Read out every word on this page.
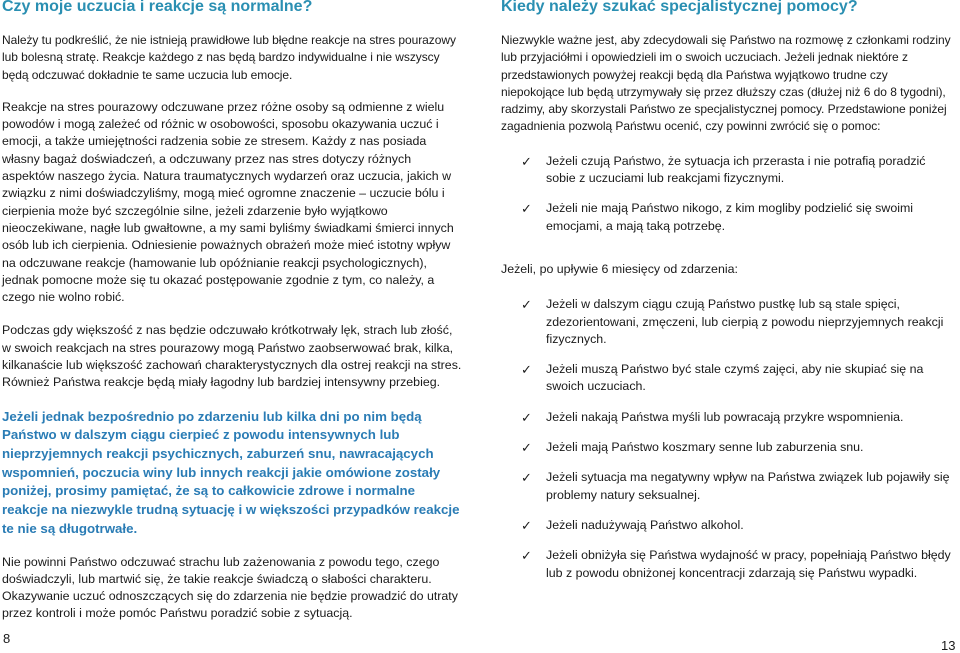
Czy moje uczucia i reakcje są normalne?

Należy tu podkreślić, że nie istnieją prawidłowe lub błędne reakcje na stres pourazowy lub bolesną stratę. Reakcje każdego z nas będą bardzo indywidualne i nie wszyscy będą odczuwać dokładnie te same uczucia lub emocje.

Reakcje na stres pourazowy odczuwane przez różne osoby są odmienne z wielu powodów i mogą zależeć od różnic w osobowości, sposobu okazywania uczuć i emocji, a także umiejętności radzenia sobie ze stresem. Każdy z nas posiada własny bagaż doświadczeń, a odczuwany przez nas stres dotyczy różnych aspektów naszego życia. Natura traumatycznych wydarzeń oraz uczucia, jakich w związku z nimi doświadczyliśmy, mogą mieć ogromne znaczenie – uczucie bólu i cierpienia może być szczególnie silne, jeżeli zdarzenie było wyjątkowo nieoczekiwane, nagłe lub gwałtowne, a my sami byliśmy świadkami śmierci innych osób lub ich cierpienia. Odniesienie poważnych obrażeń może mieć istotny wpływ na odczuwane reakcje (hamowanie lub opóźnianie reakcji psychologicznych), jednak pomocne może się tu okazać postępowanie zgodnie z tym, co należy, a czego nie wolno robić.

Podczas gdy większość z nas będzie odczuwało krótkotrwały lęk, strach lub złość, w swoich reakcjach na stres pourazowy mogą Państwo zaobserwować brak, kilka, kilkanaście lub większość zachowań charakterystycznych dla ostrej reakcji na stres. Również Państwa reakcje będą miały łagodny lub bardziej intensywny przebieg.

Jeżeli jednak bezpośrednio po zdarzeniu lub kilka dni po nim będą Państwo w dalszym ciągu cierpieć z powodu intensywnych lub nieprzyjemnych reakcji psychicznych, zaburzeń snu, nawracających wspomnień, poczucia winy lub innych reakcji jakie omówione zostały poniżej, prosimy pamiętać, że są to całkowicie zdrowe i normalne reakcje na niezwykle trudną sytuację i w większości przypadków reakcje te nie są długotrwałe.

Nie powinni Państwo odczuwać strachu lub zażenowania z powodu tego, czego doświadczyli, lub martwić się, że takie reakcje świadczą o słabości charakteru. Okazywanie uczuć odnoszczących się do zdarzenia nie będzie prowadzić do utraty przez kontroli i może pomóc Państwu poradzić sobie z sytuacją.

8
Kiedy należy szukać specjalistycznej pomocy?

Niezwykle ważne jest, aby zdecydowali się Państwo na rozmowę z członkami rodziny lub przyjaciółmi i opowiedzieli im o swoich uczuciach. Jeżeli jednak niektóre z przedstawionych powyżej reakcji będą dla Państwa wyjątkowo trudne czy niepokojące lub będą utrzymywały się przez dłuższy czas (dłużej niż 6 do 8 tygodni), radzimy, aby skorzystali Państwo ze specjalistycznej pomocy. Przedstawione poniżej zagadnienia pozwolą Państwu ocenić, czy powinni zwrócić się o pomoc:

✓ Jeżeli czują Państwo, że sytuacja ich przerasta i nie potrafią poradzić sobie z uczuciami lub reakcjami fizycznymi.
✓ Jeżeli nie mają Państwo nikogo, z kim mogliby podzielić się swoimi emocjami, a mają taką potrzebę.

Jeżeli, po upływie 6 miesięcy od zdarzenia:

✓ Jeżeli w dalszym ciągu czują Państwo pustkę lub są stale spięci, zdezorientowani, zmęczeni, lub cierpią z powodu nieprzyjemnych reakcji fizycznych.
✓ Jeżeli muszą Państwo być stale czymś zajęci, aby nie skupiać się na swoich uczuciach.
✓ Jeżeli nakają Państwa myśli lub powracają przykre wspomnienia.
✓ Jeżeli mają Państwo koszmary senne lub zaburzenia snu.
✓ Jeżeli sytuacja ma negatywny wpływ na Państwa związek lub pojawiły się problemy natury seksualnej.
✓ Jeżeli nadużywają Państwo alkohol.
✓ Jeżeli obniżyła się Państwa wydajność w pracy, popełniają Państwo błędy lub z powodu obniżonej koncentracji zdarzają się Państwu wypadki.
13
